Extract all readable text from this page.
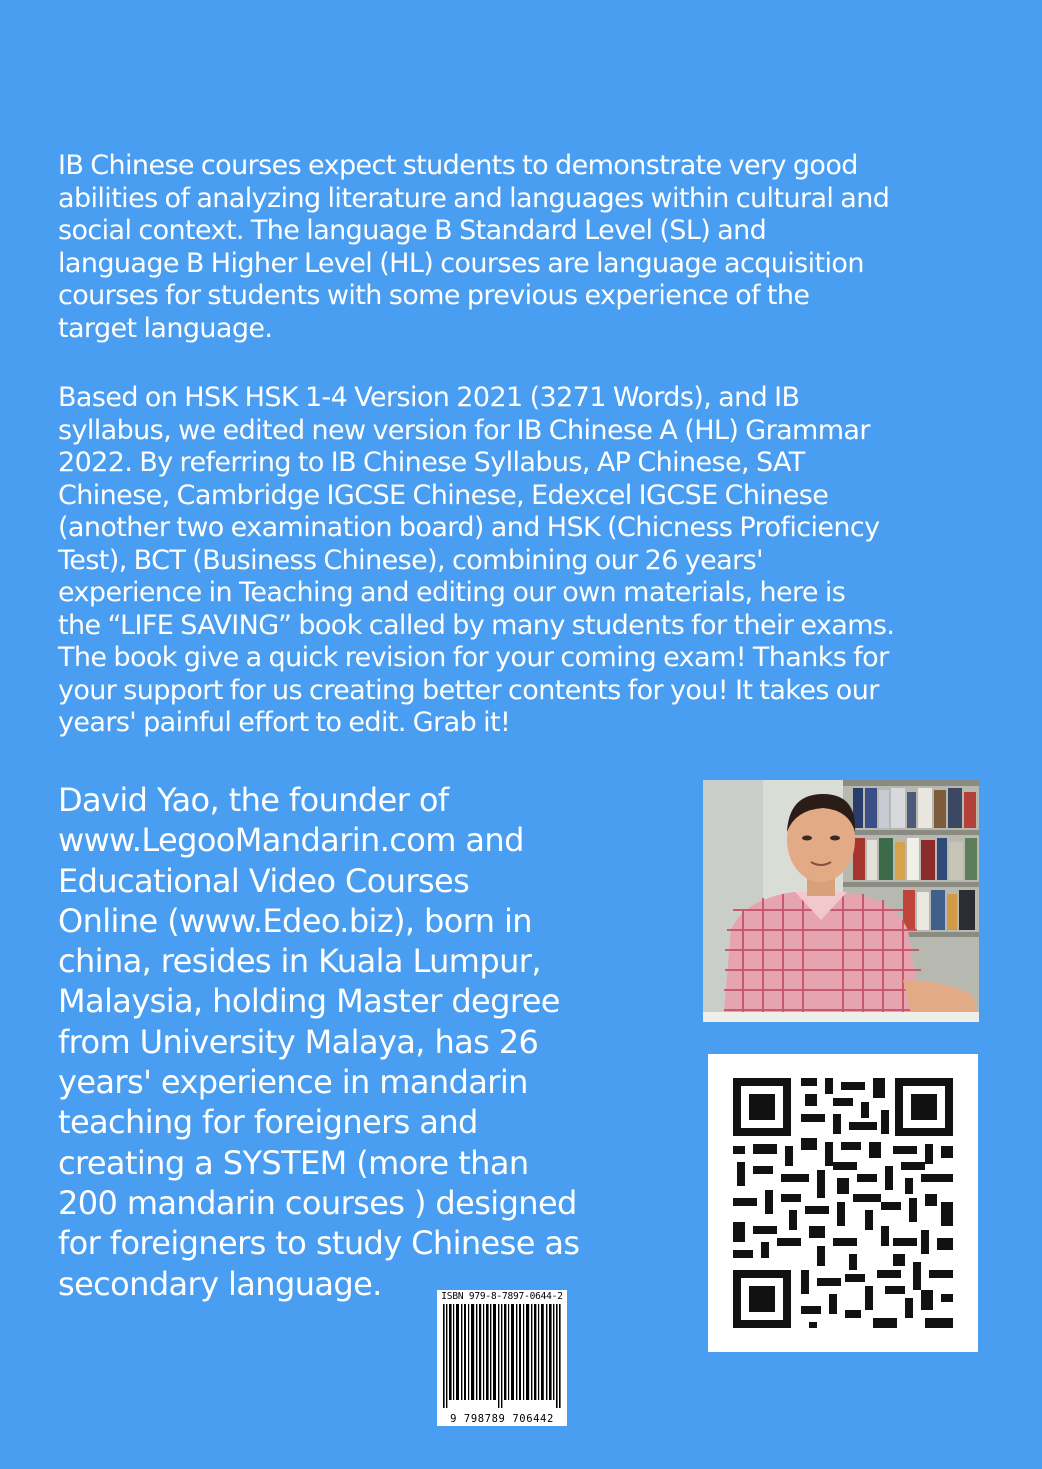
IB Chinese courses expect students to demonstrate very good
abilities of analyzing literature and languages within cultural and
social context. The language B Standard Level (SL) and
language B Higher Level (HL) courses are language acquisition
courses for students with some previous experience of the
target language.

Based on HSK HSK 1-4 Version 2021 (3271 Words), and IB
syllabus, we edited new version for IB Chinese A (HL) Grammar
2022. By referring to IB Chinese Syllabus, AP Chinese, SAT
Chinese, Cambridge IGCSE Chinese, Edexcel IGCSE Chinese
(another two examination board) and HSK (Chicness Proficiency
Test), BCT (Business Chinese), combining our 26 years'
experience in Teaching and editing our own materials, here is
the “LIFE SAVING” book called by many students for their exams.
The book give a quick revision for your coming exam! Thanks for
your support for us creating better contents for you! It takes our
years' painful effort to edit. Grab it!

David Yao, the founder of
www.LegooMandarin.com and
Educational Video Courses
Online (www.Edeo.biz), born in
china, resides in Kuala Lumpur,
Malaysia, holding Master degree
from University Malaya, has 26
years' experience in mandarin
teaching for foreigners and
creating a SYSTEM (more than
200 mandarin courses ) designed
for foreigners to study Chinese as
secondary language.	ISBN 979-8-7897-0644-2
9 798789 706442
